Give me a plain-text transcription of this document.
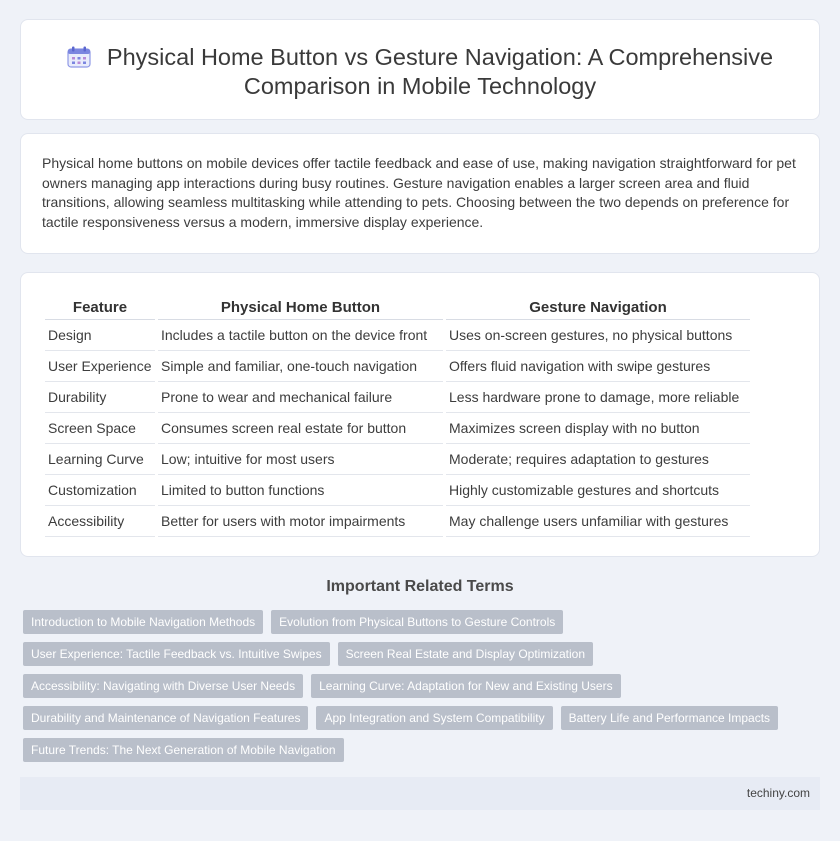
Physical Home Button vs Gesture Navigation: A Comprehensive Comparison in Mobile Technology

Physical home buttons on mobile devices offer tactile feedback and ease of use, making navigation straightforward for pet owners managing app interactions during busy routines. Gesture navigation enables a larger screen area and fluid transitions, allowing seamless multitasking while attending to pets. Choosing between the two depends on preference for tactile responsiveness versus a modern, immersive display experience.

Feature	Physical Home Button	Gesture Navigation
Design	Includes a tactile button on the device front	Uses on-screen gestures, no physical buttons
User Experience	Simple and familiar, one-touch navigation	Offers fluid navigation with swipe gestures
Durability	Prone to wear and mechanical failure	Less hardware prone to damage, more reliable
Screen Space	Consumes screen real estate for button	Maximizes screen display with no button
Learning Curve	Low; intuitive for most users	Moderate; requires adaptation to gestures
Customization	Limited to button functions	Highly customizable gestures and shortcuts
Accessibility	Better for users with motor impairments	May challenge users unfamiliar with gestures
Important Related Terms
Introduction to Mobile Navigation Methods	Evolution from Physical Buttons to Gesture Controls
User Experience: Tactile Feedback vs. Intuitive Swipes	Screen Real Estate and Display Optimization
Accessibility: Navigating with Diverse User Needs	Learning Curve: Adaptation for New and Existing Users
Durability and Maintenance of Navigation Features	App Integration and System Compatibility	Battery Life and Performance Impacts
Future Trends: The Next Generation of Mobile Navigation
techiny.com
